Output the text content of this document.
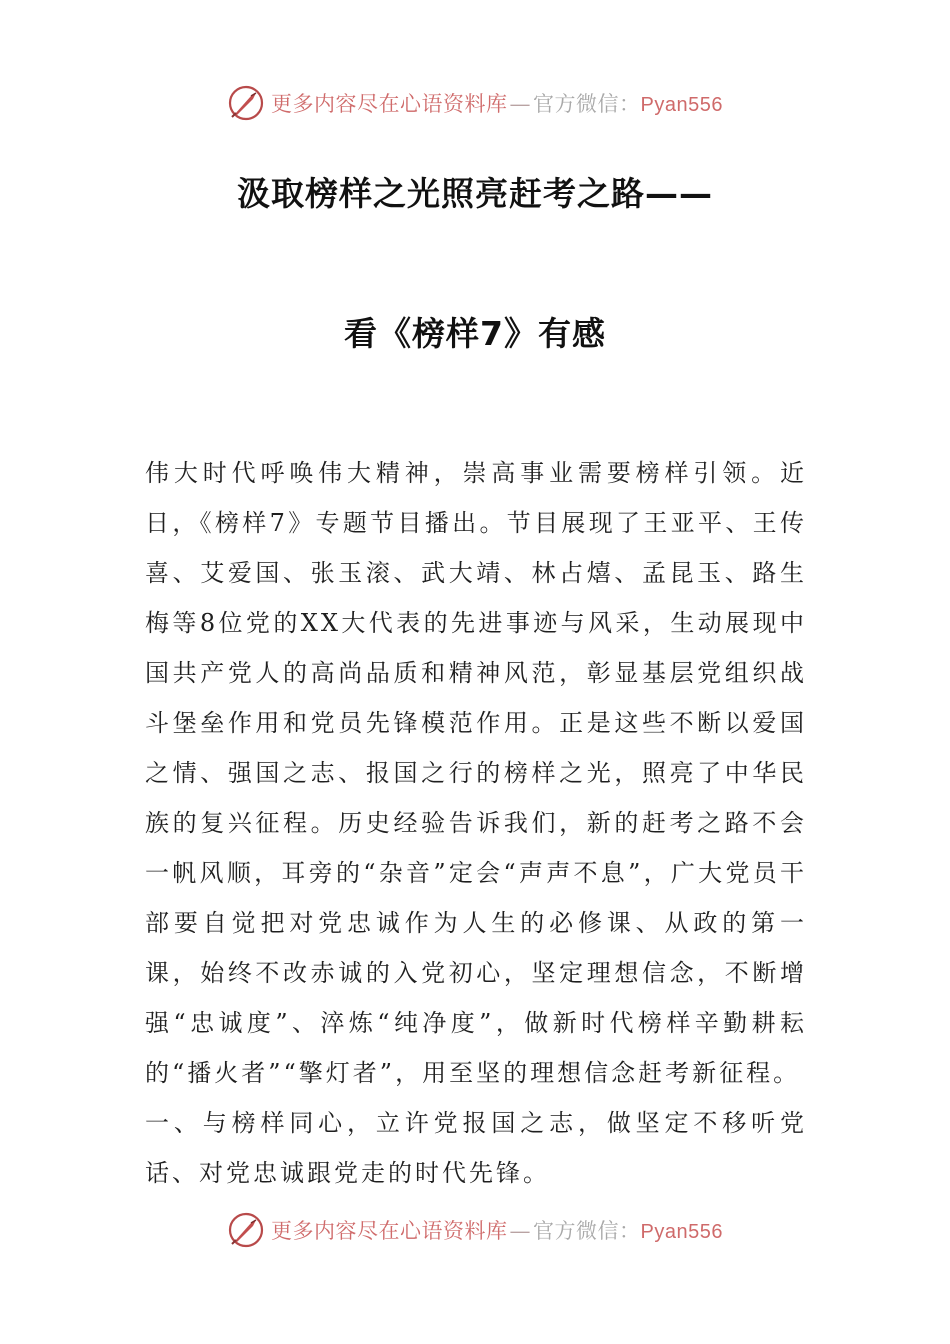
更多内容尽在心语资料库—官方微信：Pyan556
汲取榜样之光照亮赶考之路——
看《榜样7》有感

伟大时代呼唤伟大精神，崇高事业需要榜样引领。近日，《榜样7》专题节目播出。节目展现了王亚平、王传喜、艾爱国、张玉滚、武大靖、林占熺、孟昆玉、路生梅等8位党的XX大代表的先进事迹与风采，生动展现中国共产党人的高尚品质和精神风范，彰显基层党组织战斗堡垒作用和党员先锋模范作用。正是这些不断以爱国之情、强国之志、报国之行的榜样之光，照亮了中华民族的复兴征程。历史经验告诉我们，新的赶考之路不会一帆风顺，耳旁的“杂音”定会“声声不息”，广大党员干部要自觉把对党忠诚作为人生的必修课、从政的第一课，始终不改赤诚的入党初心，坚定理想信念，不断增强“忠诚度”、淬炼“纯净度”，做新时代榜样辛勤耕耘的“播火者”“擎灯者”，用至坚的理想信念赶考新征程。

一、与榜样同心，立许党报国之志，做坚定不移听党话、对党忠诚跟党走的时代先锋。

更多内容尽在心语资料库—官方微信：Pyan556
